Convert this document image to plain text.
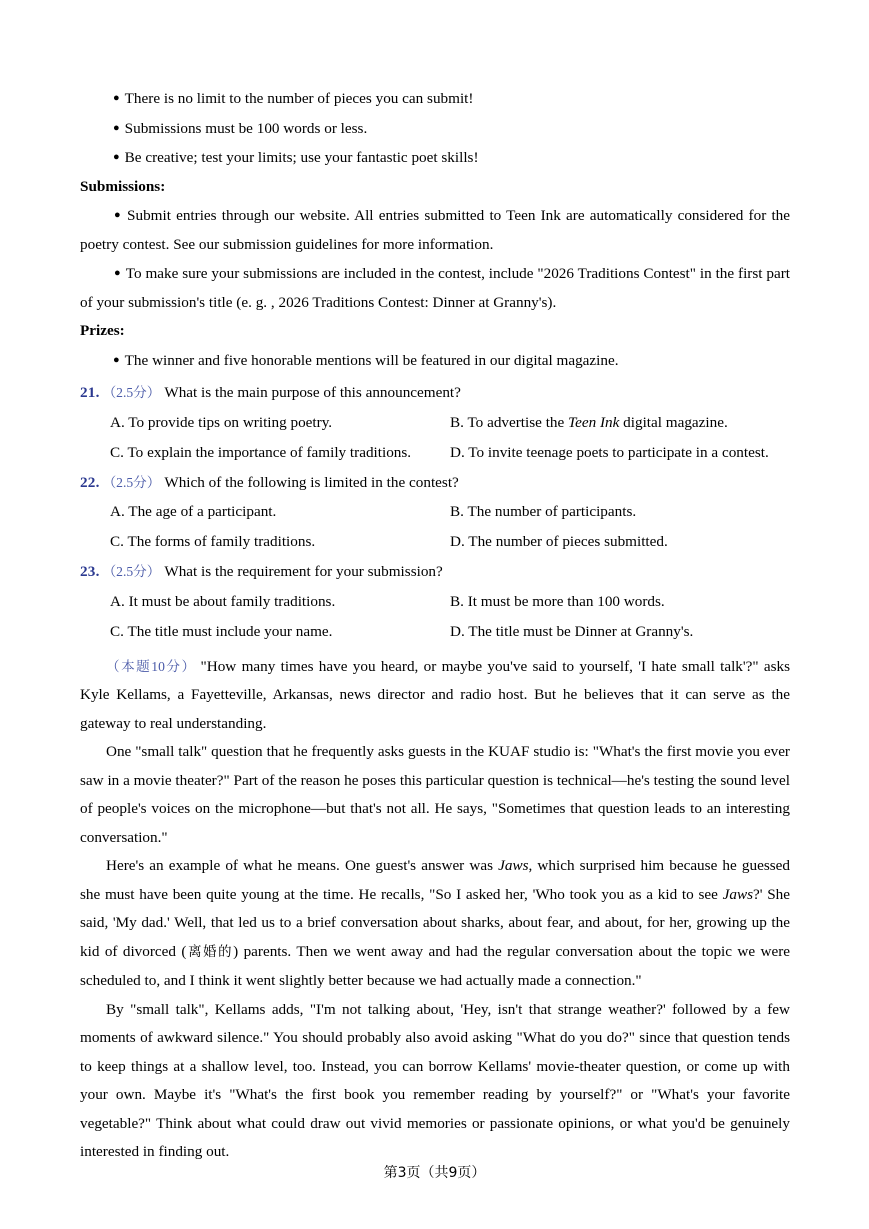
● There is no limit to the number of pieces you can submit!

● Submissions must be 100 words or less.

● Be creative; test your limits; use your fantastic poet skills!

Submissions:

● Submit entries through our website. All entries submitted to Teen Ink are automatically considered for the poetry contest. See our submission guidelines for more information.

● To make sure your submissions are included in the contest, include "2026 Traditions Contest" in the first part of your submission's title (e. g. , 2026 Traditions Contest: Dinner at Granny's).

Prizes:

● The winner and five honorable mentions will be featured in our digital magazine.

21. （2.5分） What is the main purpose of this announcement?

A. To provide tips on writing poetry.	B. To advertise the Teen Ink digital magazine.
C. To explain the importance of family traditions.	D. To invite teenage poets to participate in a contest.

22. （2.5分） Which of the following is limited in the contest?

A. The age of a participant.	B. The number of participants.
C. The forms of family traditions.	D. The number of pieces submitted.

23. （2.5分） What is the requirement for your submission?

A. It must be about family traditions.	B. It must be more than 100 words.
C. The title must include your name.	D. The title must be Dinner at Granny's.

（本题10分） "How many times have you heard, or maybe you've said to yourself, 'I hate small talk'?" asks Kyle Kellams, a Fayetteville, Arkansas, news director and radio host. But he believes that it can serve as the gateway to real understanding.

One "small talk" question that he frequently asks guests in the KUAF studio is: "What's the first movie you ever saw in a movie theater?" Part of the reason he poses this particular question is technical—he's testing the sound level of people's voices on the microphone—but that's not all. He says, "Sometimes that question leads to an interesting conversation."

Here's an example of what he means. One guest's answer was Jaws, which surprised him because he guessed she must have been quite young at the time. He recalls, "So I asked her, 'Who took you as a kid to see Jaws?' She said, 'My dad.' Well, that led us to a brief conversation about sharks, about fear, and about, for her, growing up the kid of divorced (离婚的) parents. Then we went away and had the regular conversation about the topic we were scheduled to, and I think it went slightly better because we had actually made a connection."

By "small talk", Kellams adds, "I'm not talking about, 'Hey, isn't that strange weather?' followed by a few moments of awkward silence." You should probably also avoid asking "What do you do?" since that question tends to keep things at a shallow level, too. Instead, you can borrow Kellams' movie-theater question, or come up with your own. Maybe it's "What's the first book you remember reading by yourself?" or "What's your favorite vegetable?" Think about what could draw out vivid memories or passionate opinions, or what you'd be genuinely interested in finding out.

第3页（共9页）
